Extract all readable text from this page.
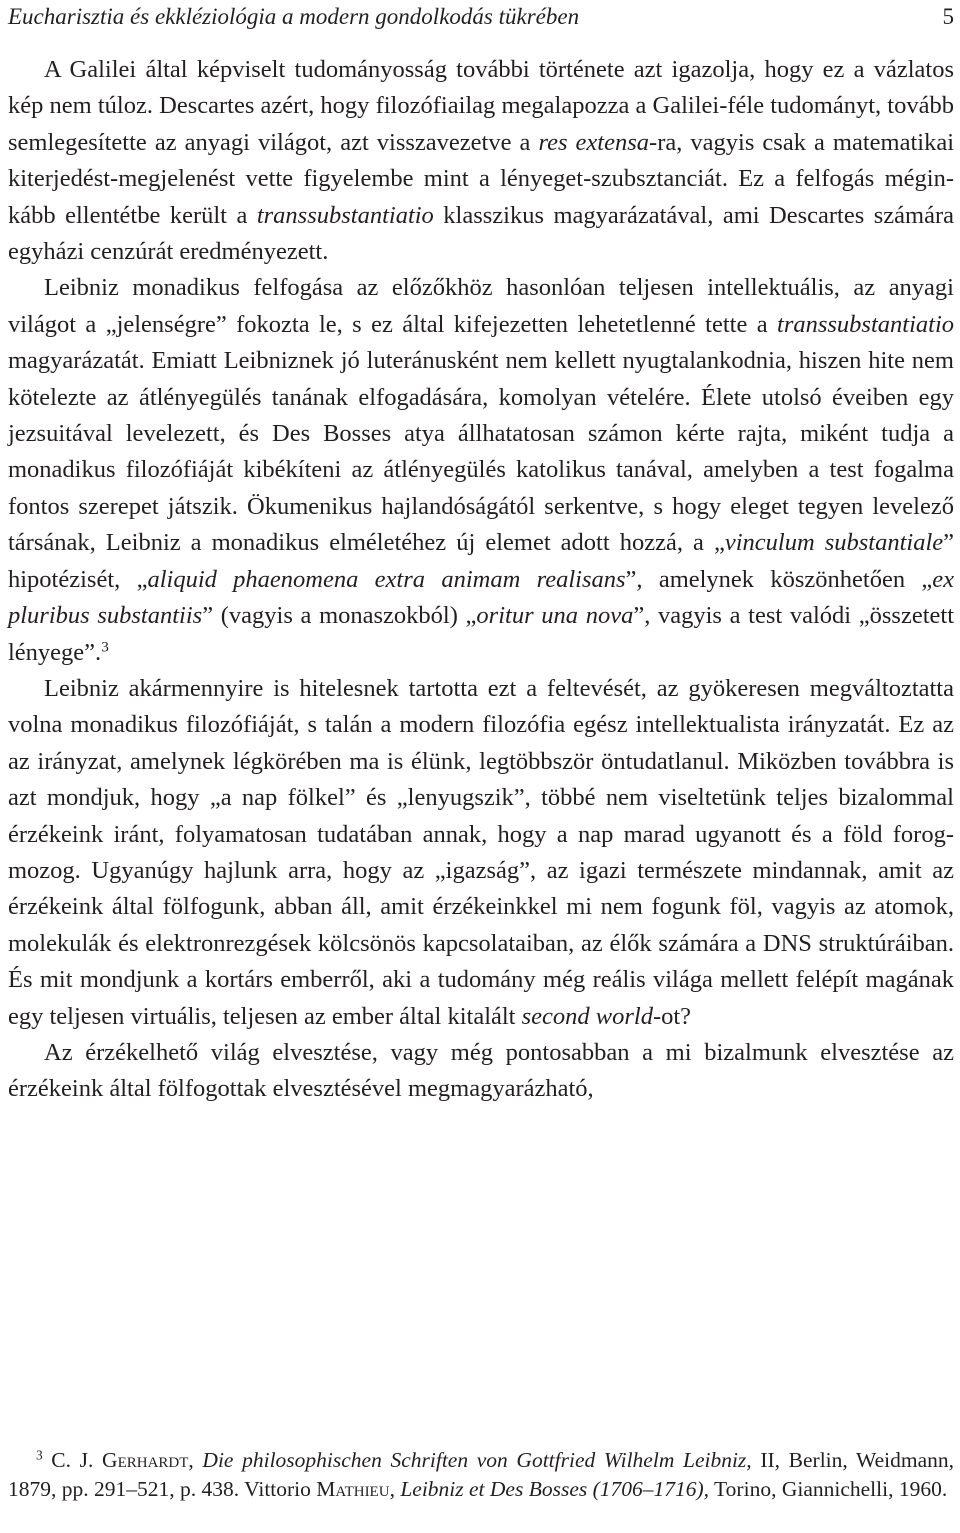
Eucharisztia és ekkléziológia a modern gondolkodás tükrében	5

A Galilei által képviselt tudományosság további története azt igazolja, hogy ez a vázlatos kép nem túloz. Descartes azért, hogy filozófiailag megalapozza a Galilei-féle tudományt, tovább semlegesítette az anyagi világot, azt visszavezetve a res extensa-ra, vagyis csak a matematikai kiterjedést-megjelenést vette figyelembe mint a lényeget-szubsztanciát. Ez a felfogás mégin-kább ellentétbe került a transsubstantiatio klasszikus magyarázatával, ami Descartes számára egyházi cenzúrát eredményezett.

Leibniz monadikus felfogása az előzőkhöz hasonlóan teljesen intellektuális, az anyagi világot a „jelenségre” fokozta le, s ez által kifejezetten lehetetlenné tette a transsubstantiatio magyarázatát. Emiatt Leibniznek jó luteránusként nem kellett nyugtalankodnia, hiszen hite nem kötelezte az átlényegülés tanának elfogadására, komolyan vételére. Élete utolsó éveiben egy jezsuitával levelezett, és Des Bosses atya állhatatosan számon kérte rajta, miként tudja a monadikus filozófiáját kibékíteni az átlényegülés katolikus tanával, amelyben a test fogalma fontos szerepet játszik. Ökumenikus hajlandóságától serkentve, s hogy eleget tegyen levelező társának, Leibniz a monadikus elméletéhez új elemet adott hozzá, a „vinculum substantiale” hipotézisét, „aliquid phaenomena extra animam realisans”, amelynek köszönhetően „ex pluribus substantiis” (vagyis a monaszokból) „oritur una nova”, vagyis a test valódi „összetett lényege”.$^3$

Leibniz akármennyire is hitelesnek tartotta ezt a feltevését, az gyökeresen megváltoztatta volna monadikus filozófiáját, s talán a modern filozófia egész intellektualista irányzatát. Ez az az irányzat, amelynek légkörében ma is élünk, legtöbbször öntudatlanul. Miközben továbbra is azt mondjuk, hogy „a nap fölkel” és „lenyugszik”, többé nem viseltetünk teljes bizalommal érzékeink iránt, folyamatosan tudatában annak, hogy a nap marad ugyanott és a föld forog-mozog. Ugyanúgy hajlunk arra, hogy az „igazság”, az igazi természete mindannak, amit az érzékeink által fölfogunk, abban áll, amit érzékeinkkel mi nem fogunk föl, vagyis az atomok, molekulák és elektronrezgések kölcsönös kapcsolataiban, az élők számára a DNS struktúráiban. És mit mondjunk a kortárs emberről, aki a tudomány még reális világa mellett felépít magának egy teljesen virtuális, teljesen az ember által kitalált second world-ot?

Az érzékelhető világ elvesztése, vagy még pontosabban a mi bizalmunk elvesztése az érzékeink által fölfogottak elvesztésével megmagyarázható,

$^3$ C. J. Gerhardt, Die philosophischen Schriften von Gottfried Wilhelm Leibniz, II, Berlin, Weidmann, 1879, pp. 291–521, p. 438. Vittorio Mathieu, Leibniz et Des Bosses (1706–1716), Torino, Giannichelli, 1960.
